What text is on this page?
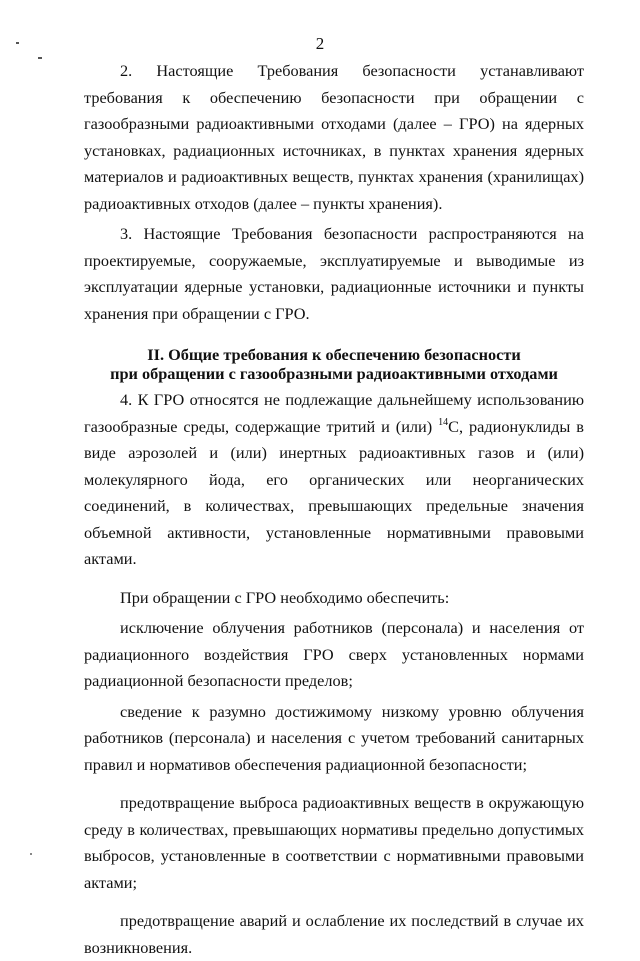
2

2. Настоящие Требования безопасности устанавливают требования к обеспечению безопасности при обращении с газообразными радиоактивными отходами (далее – ГРО) на ядерных установках, радиационных источниках, в пунктах хранения ядерных материалов и радиоактивных веществ, пунктах хранения (хранилищах) радиоактивных отходов (далее – пункты хранения).

3. Настоящие Требования безопасности распространяются на проектируемые, сооружаемые, эксплуатируемые и выводимые из эксплуатации ядерные установки, радиационные источники и пункты хранения при обращении с ГРО.

II. Общие требования к обеспечению безопасности

при обращении с газообразными радиоактивными отходами

4. К ГРО относятся не подлежащие дальнейшему использованию газообразные среды, содержащие тритий и (или) $^{14}$С, радионуклиды в виде аэрозолей и (или) инертных радиоактивных газов и (или) молекулярного йода, его органических или неорганических соединений, в количествах, превышающих предельные значения объемной активности, установленные нормативными правовыми актами.

При обращении с ГРО необходимо обеспечить:

исключение облучения работников (персонала) и населения от радиационного воздействия ГРО сверх установленных нормами радиационной безопасности пределов;

сведение к разумно достижимому низкому уровню облучения работников (персонала) и населения с учетом требований санитарных правил и нормативов обеспечения радиационной безопасности;

предотвращение выброса радиоактивных веществ в окружающую среду в количествах, превышающих нормативы предельно допустимых выбросов, установленные в соответствии с нормативными правовыми актами;

предотвращение аварий и ослабление их последствий в случае их возникновения.
